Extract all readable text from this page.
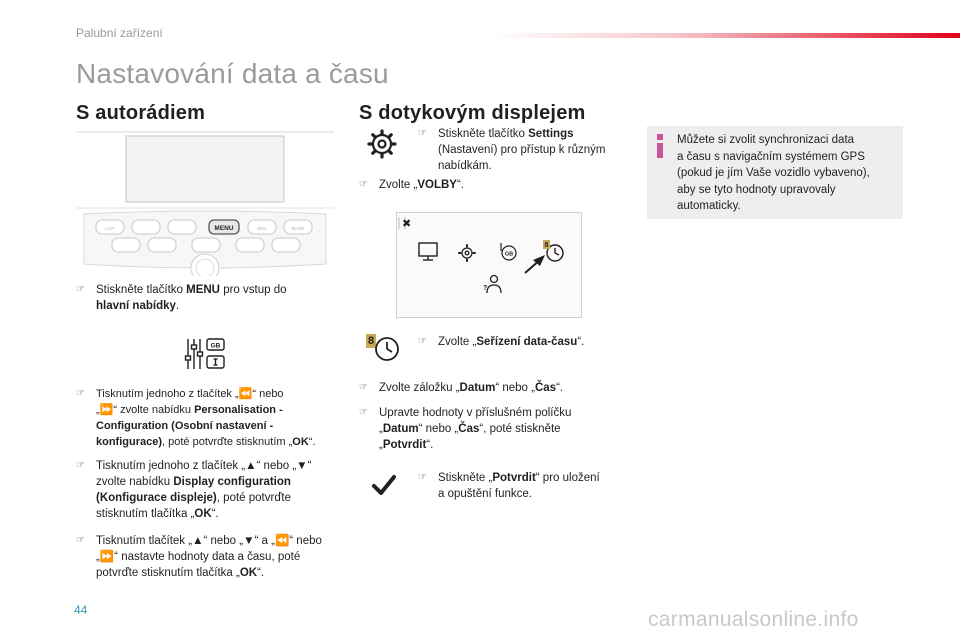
Palubní zařízení
Nastavování data a času
S autorádiem	S dotykovým displejem
MENU
LIST	SRC	BAND
☞ Stiskněte tlačítko MENU pro vstup do
hlavní nabídky.
GB
☞ Tisknutím jednoho z tlačítek „⏪“ nebo
„⏩“ zvolte nabídku Personalisation -
Configuration (Osobní nastavení -
konfigurace), poté potvrďte stisknutím „OK“.
☞ Tisknutím jednoho z tlačítek „▲“ nebo „▼“
zvolte nabídku Display configuration
(Konfigurace displeje), poté potvrďte
stisknutím tlačítka „OK“.
☞ Tisknutím tlačítek „▲“ nebo „▼“ a „⏪“ nebo
„⏩“ nastavte hodnoty data a času, poté
potvrďte stisknutím tlačítka „OK“.
☞ Stiskněte tlačítko Settings
(Nastavení) pro přístup k různým
nabídkám.
☞ Zvolte „VOLBY“.
✖
GB
8
?
8	☞ Zvolte „Seřízení data-času“.
☞ Zvolte záložku „Datum“ nebo „Čas“.
☞ Upravte hodnoty v příslušném políčku
„Datum“ nebo „Čas“, poté stiskněte
„Potvrdit“.
☞ Stiskněte „Potvrdit“ pro uložení
a opuštění funkce.
Můžete si zvolit synchronizaci data
a času s navigačním systémem GPS
(pokud je jím Vaše vozidlo vybaveno),
aby se tyto hodnoty upravovaly
automaticky.
44	carmanualsonline.info
